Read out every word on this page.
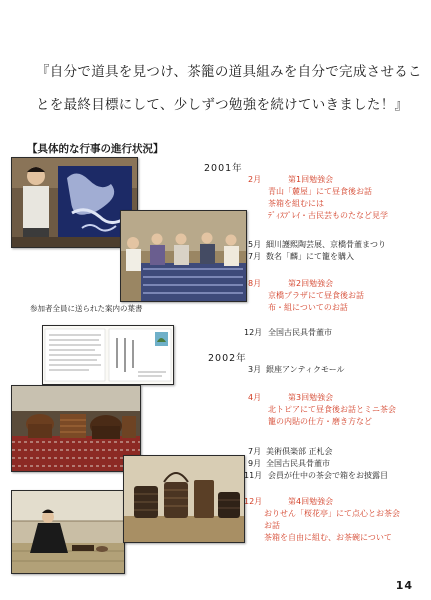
『自分で道具を見つけ、茶籠の道具組みを自分で完成させるこ
とを最終目標にして、少しずつ勉強を続けていきました！』
【具体的な行事の進行状況】
2001年
2002年
2月	第1回勉強会
青山「麓屋」にて昼食後お話
茶箱を組むには
ﾃﾞｨｽﾌﾟﾚｲ・古民芸ものたなど見学
5月 細川護熙陶芸展、京橋骨董まつり
7月 数名「麟」にて籠を購入
8月	第2回勉強会
京橋プラザにて昼食後お話
布・組についてのお話
12月 全国古民具骨董市
3月 銀座アンティクモール
4月	第3回勉強会
北トピアにて昼食後お話とミニ茶会
籠の内貼の仕方・磨き方など
7月 美術倶楽部 正札会
9月 全国古民具骨董市
11月 会員が仕中の茶会で箱をお披露目
12月	第4回勉強会
おりせん「桜花亭」にて点心とお茶会
お話
茶箱を自由に組む、お茶碗について
参加者全員に送られた案内の葉書
14
